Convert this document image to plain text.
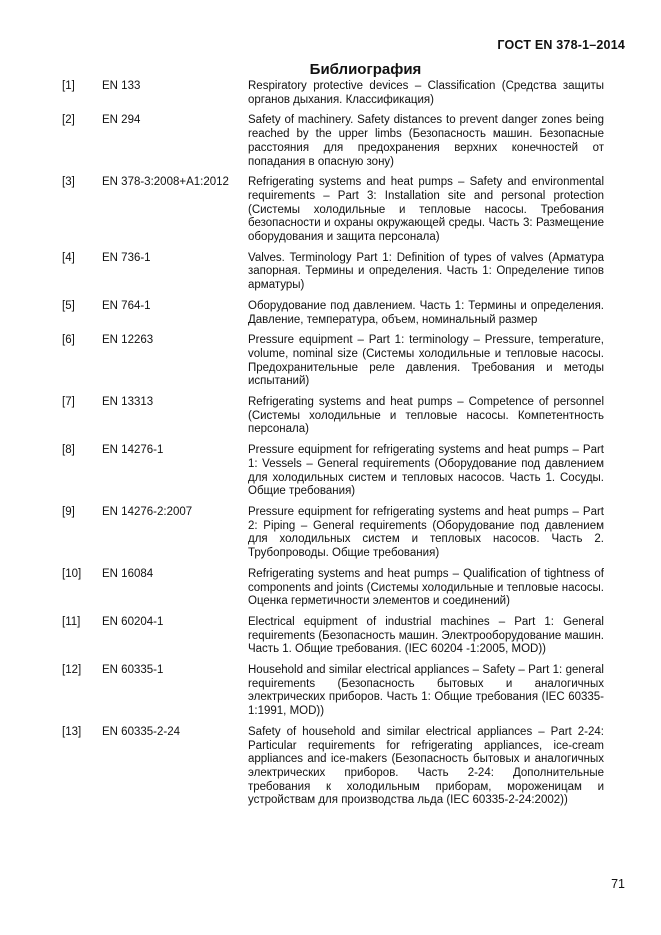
ГОСТ EN 378-1–2014
Библиография
[1] EN 133	Respiratory protective devices – Classification (Средства защиты органов дыхания. Классификация)
[2] EN 294	Safety of machinery. Safety distances to prevent danger zones being reached by the upper limbs (Безопасность машин. Безопасные расстояния для предохранения верхних конечностей от попадания в опасную зону)
[3] EN 378-3:2008+A1:2012 Refrigerating systems and heat pumps – Safety and environmental requirements – Part 3: Installation site and personal protection (Системы холодильные и тепловые насосы. Требования безопасности и охраны окружающей среды. Часть 3: Размещение оборудования и защита персонала)
[4] EN 736-1	Valves. Terminology Part 1: Definition of types of valves (Арматура запорная. Термины и определения. Часть 1: Определение типов арматуры)
[5] EN 764-1	Оборудование под давлением. Часть 1: Термины и определения. Давление, температура, объем, номинальный размер
[6] EN 12263	Pressure equipment – Part 1: terminology – Pressure, temperature, volume, nominal size (Системы холодильные и тепловые насосы. Предохранительные реле давления. Требования и методы испытаний)
[7] EN 13313	Refrigerating systems and heat pumps – Competence of personnel (Системы холодильные и тепловые насосы. Компетентность персонала)
[8] EN 14276-1	Pressure equipment for refrigerating systems and heat pumps – Part 1: Vessels – General requirements (Оборудование под давлением для холодильных систем и тепловых насосов. Часть 1. Сосуды. Общие требования)
[9] EN 14276-2:2007	Pressure equipment for refrigerating systems and heat pumps – Part 2: Piping – General requirements (Оборудование под давлением для холодильных систем и тепловых насосов. Часть 2. Трубопроводы. Общие требования)
[10] EN 16084	Refrigerating systems and heat pumps – Qualification of tightness of components and joints (Системы холодильные и тепловые насосы. Оценка герметичности элементов и соединений)
[11] EN 60204-1	Electrical equipment of industrial machines – Part 1: General requirements (Безопасность машин. Электрооборудование машин. Часть 1. Общие требования. (IEC 60204 -1:2005, MOD))
[12] EN 60335-1	Household and similar electrical appliances – Safety – Part 1: general requirements (Безопасность бытовых и аналогичных электрических приборов. Часть 1: Общие требования (IEC 60335-1:1991, MOD))
[13] EN 60335-2-24	Safety of household and similar electrical appliances – Part 2-24: Particular requirements for refrigerating appliances, ice-cream appliances and ice-makers (Безопасность бытовых и аналогичных электрических приборов. Часть 2-24: Дополнительные требования к холодильным приборам, мороженицам и устройствам для производства льда (IEC 60335-2-24:2002))
71
